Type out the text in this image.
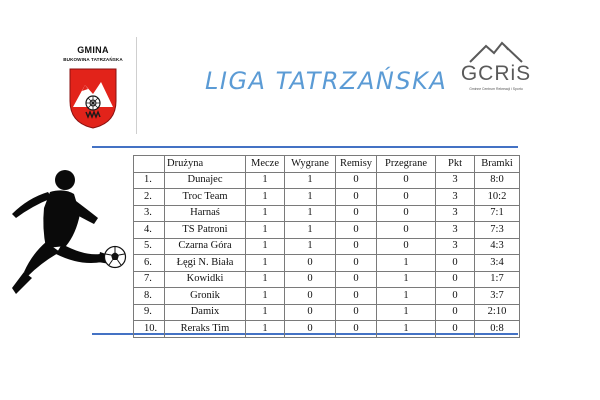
GMINA
BUKOWINA TATRZAŃSKA
LIGA TATRZAŃSKA GCRiS
Gminne Centrum Rekreacji i Sportu
	Drużyna	Mecze	Wygrane	Remisy	Przegrane	Pkt	Bramki
1.	Dunajec	1	1	0	0	3	8:0
2.	Troc Team	1	1	0	0	3	10:2
3.	Harnaś	1	1	0	0	3	7:1
4.	TS Patroni	1	1	0	0	3	7:3
5.	Czarna Góra	1	1	0	0	3	4:3
6.	Łęgi N. Biała	1	0	0	1	0	3:4
7.	Kowidki	1	0	0	1	0	1:7
8.	Gronik	1	0	0	1	0	3:7
9.	Damix	1	0	0	1	0	2:10
10.	Reraks Tim	1	0	0	1	0	0:8
